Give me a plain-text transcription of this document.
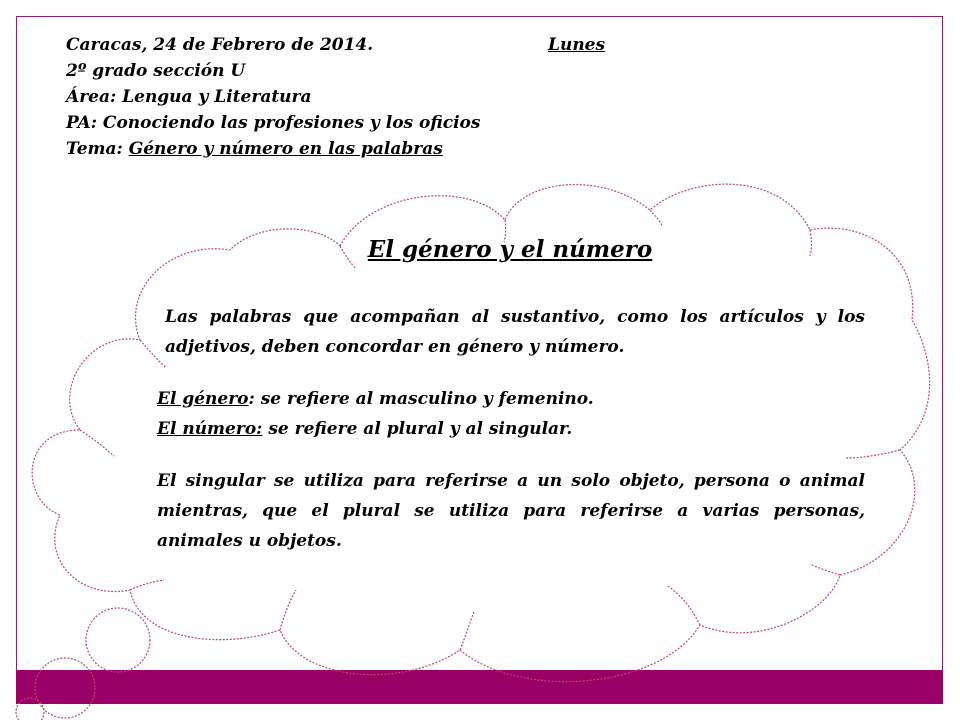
Caracas, 24 de Febrero de 2014.	Lunes
2º grado sección U
Área: Lengua y Literatura
PA: Conociendo las profesiones y los oficios
Tema: Género y número en las palabras
El género y el número

Las palabras que acompañan al sustantivo, como los artículos y los adjetivos, deben concordar en género y número.

El género: se refiere al masculino y femenino.

El número: se refiere al plural y al singular.

El singular se utiliza para referirse a un solo objeto, persona o animal mientras, que el plural se utiliza para referirse a varias personas, animales u objetos.
